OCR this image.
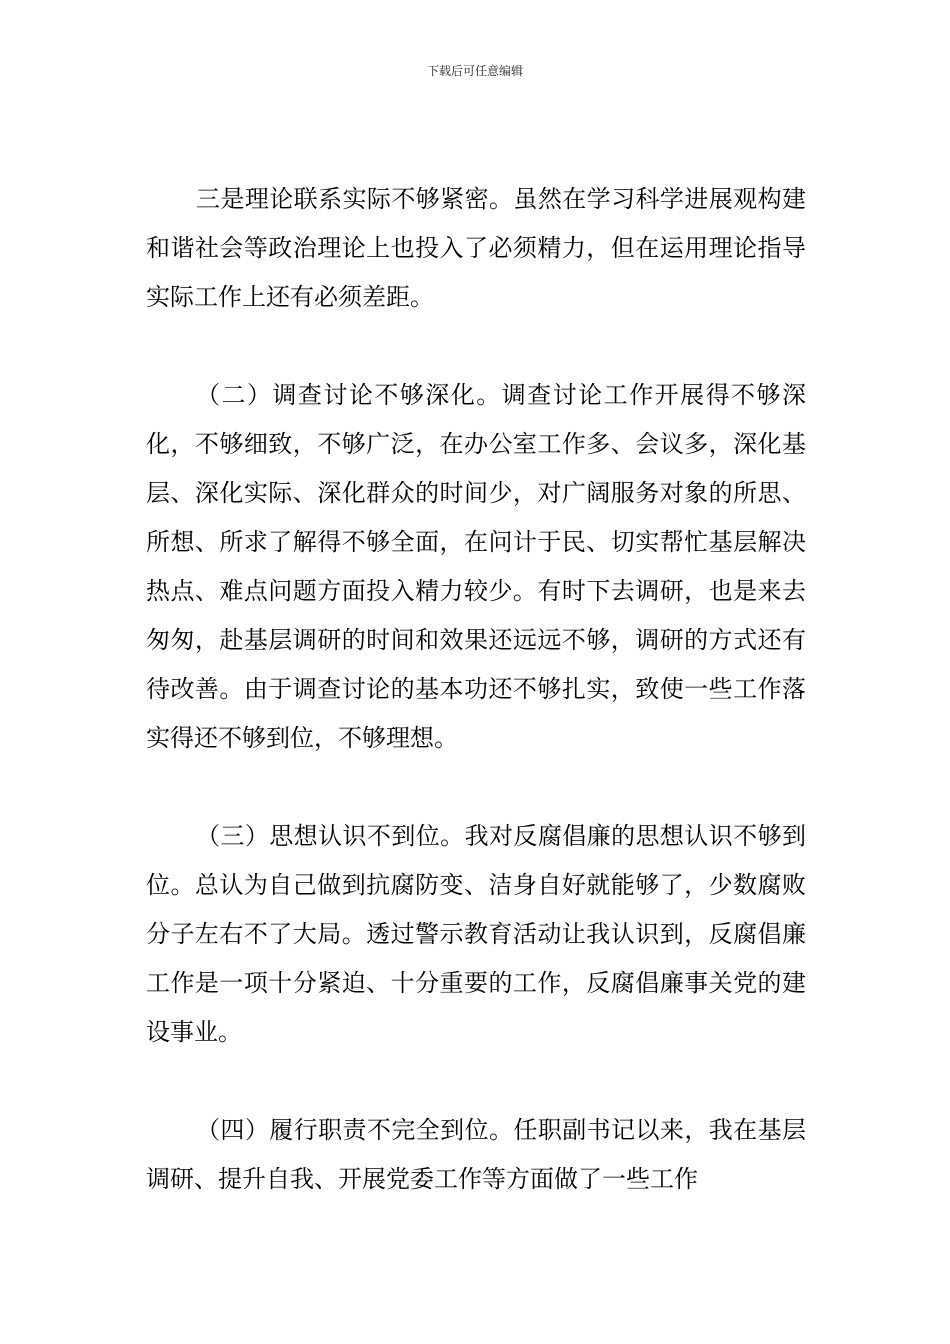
下载后可任意编辑

三是理论联系实际不够紧密。虽然在学习科学进展观构建和谐社会等政治理论上也投入了必须精力，但在运用理论指导实际工作上还有必须差距。

（二）调查讨论不够深化。调查讨论工作开展得不够深化，不够细致，不够广泛，在办公室工作多、会议多，深化基层、深化实际、深化群众的时间少，对广阔服务对象的所思、所想、所求了解得不够全面，在问计于民、切实帮忙基层解决热点、难点问题方面投入精力较少。有时下去调研，也是来去匆匆，赴基层调研的时间和效果还远远不够，调研的方式还有待改善。由于调查讨论的基本功还不够扎实，致使一些工作落实得还不够到位，不够理想。

（三）思想认识不到位。我对反腐倡廉的思想认识不够到位。总认为自己做到抗腐防变、洁身自好就能够了，少数腐败分子左右不了大局。透过警示教育活动让我认识到，反腐倡廉工作是一项十分紧迫、十分重要的工作，反腐倡廉事关党的建设事业。

（四）履行职责不完全到位。任职副书记以来，我在基层调研、提升自我、开展党委工作等方面做了一些工作
